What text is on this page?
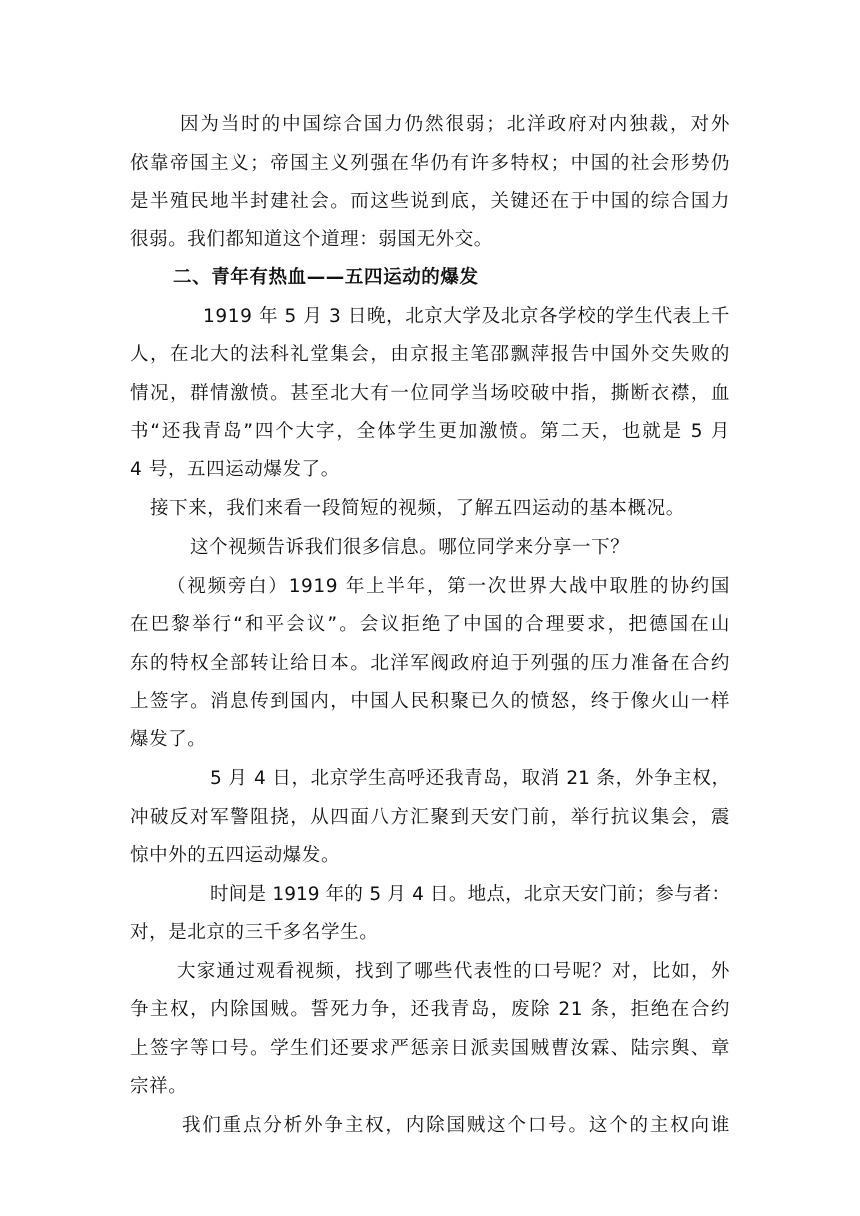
因为当时的中国综合国力仍然很弱；北洋政府对内独裁，对外
依靠帝国主义；帝国主义列强在华仍有许多特权；中国的社会形势仍
是半殖民地半封建社会。而这些说到底，关键还在于中国的综合国力
很弱。我们都知道这个道理：弱国无外交。
二、青年有热血——五四运动的爆发
1919 年 5 月 3 日晚，北京大学及北京各学校的学生代表上千
人，在北大的法科礼堂集会，由京报主笔邵飘萍报告中国外交失败的
情况，群情激愤。甚至北大有一位同学当场咬破中指，撕断衣襟，血
书“还我青岛”四个大字，全体学生更加激愤。第二天，也就是 5 月
4 号，五四运动爆发了。
接下来，我们来看一段简短的视频，了解五四运动的基本概况。
这个视频告诉我们很多信息。哪位同学来分享一下？
（视频旁白）1919 年上半年，第一次世界大战中取胜的协约国
在巴黎举行“和平会议”。会议拒绝了中国的合理要求，把德国在山
东的特权全部转让给日本。北洋军阀政府迫于列强的压力准备在合约
上签字。消息传到国内，中国人民积聚已久的愤怒，终于像火山一样
爆发了。
5 月 4 日，北京学生高呼还我青岛，取消 21 条，外争主权，
冲破反对军警阻挠，从四面八方汇聚到天安门前，举行抗议集会，震
惊中外的五四运动爆发。
时间是 1919 年的 5 月 4 日。地点，北京天安门前；参与者：
对，是北京的三千多名学生。
大家通过观看视频，找到了哪些代表性的口号呢？对，比如，外
争主权，内除国贼。誓死力争，还我青岛，废除 21 条，拒绝在合约
上签字等口号。学生们还要求严惩亲日派卖国贼曹汝霖、陆宗舆、章
宗祥。
我们重点分析外争主权，内除国贼这个口号。这个的主权向谁
